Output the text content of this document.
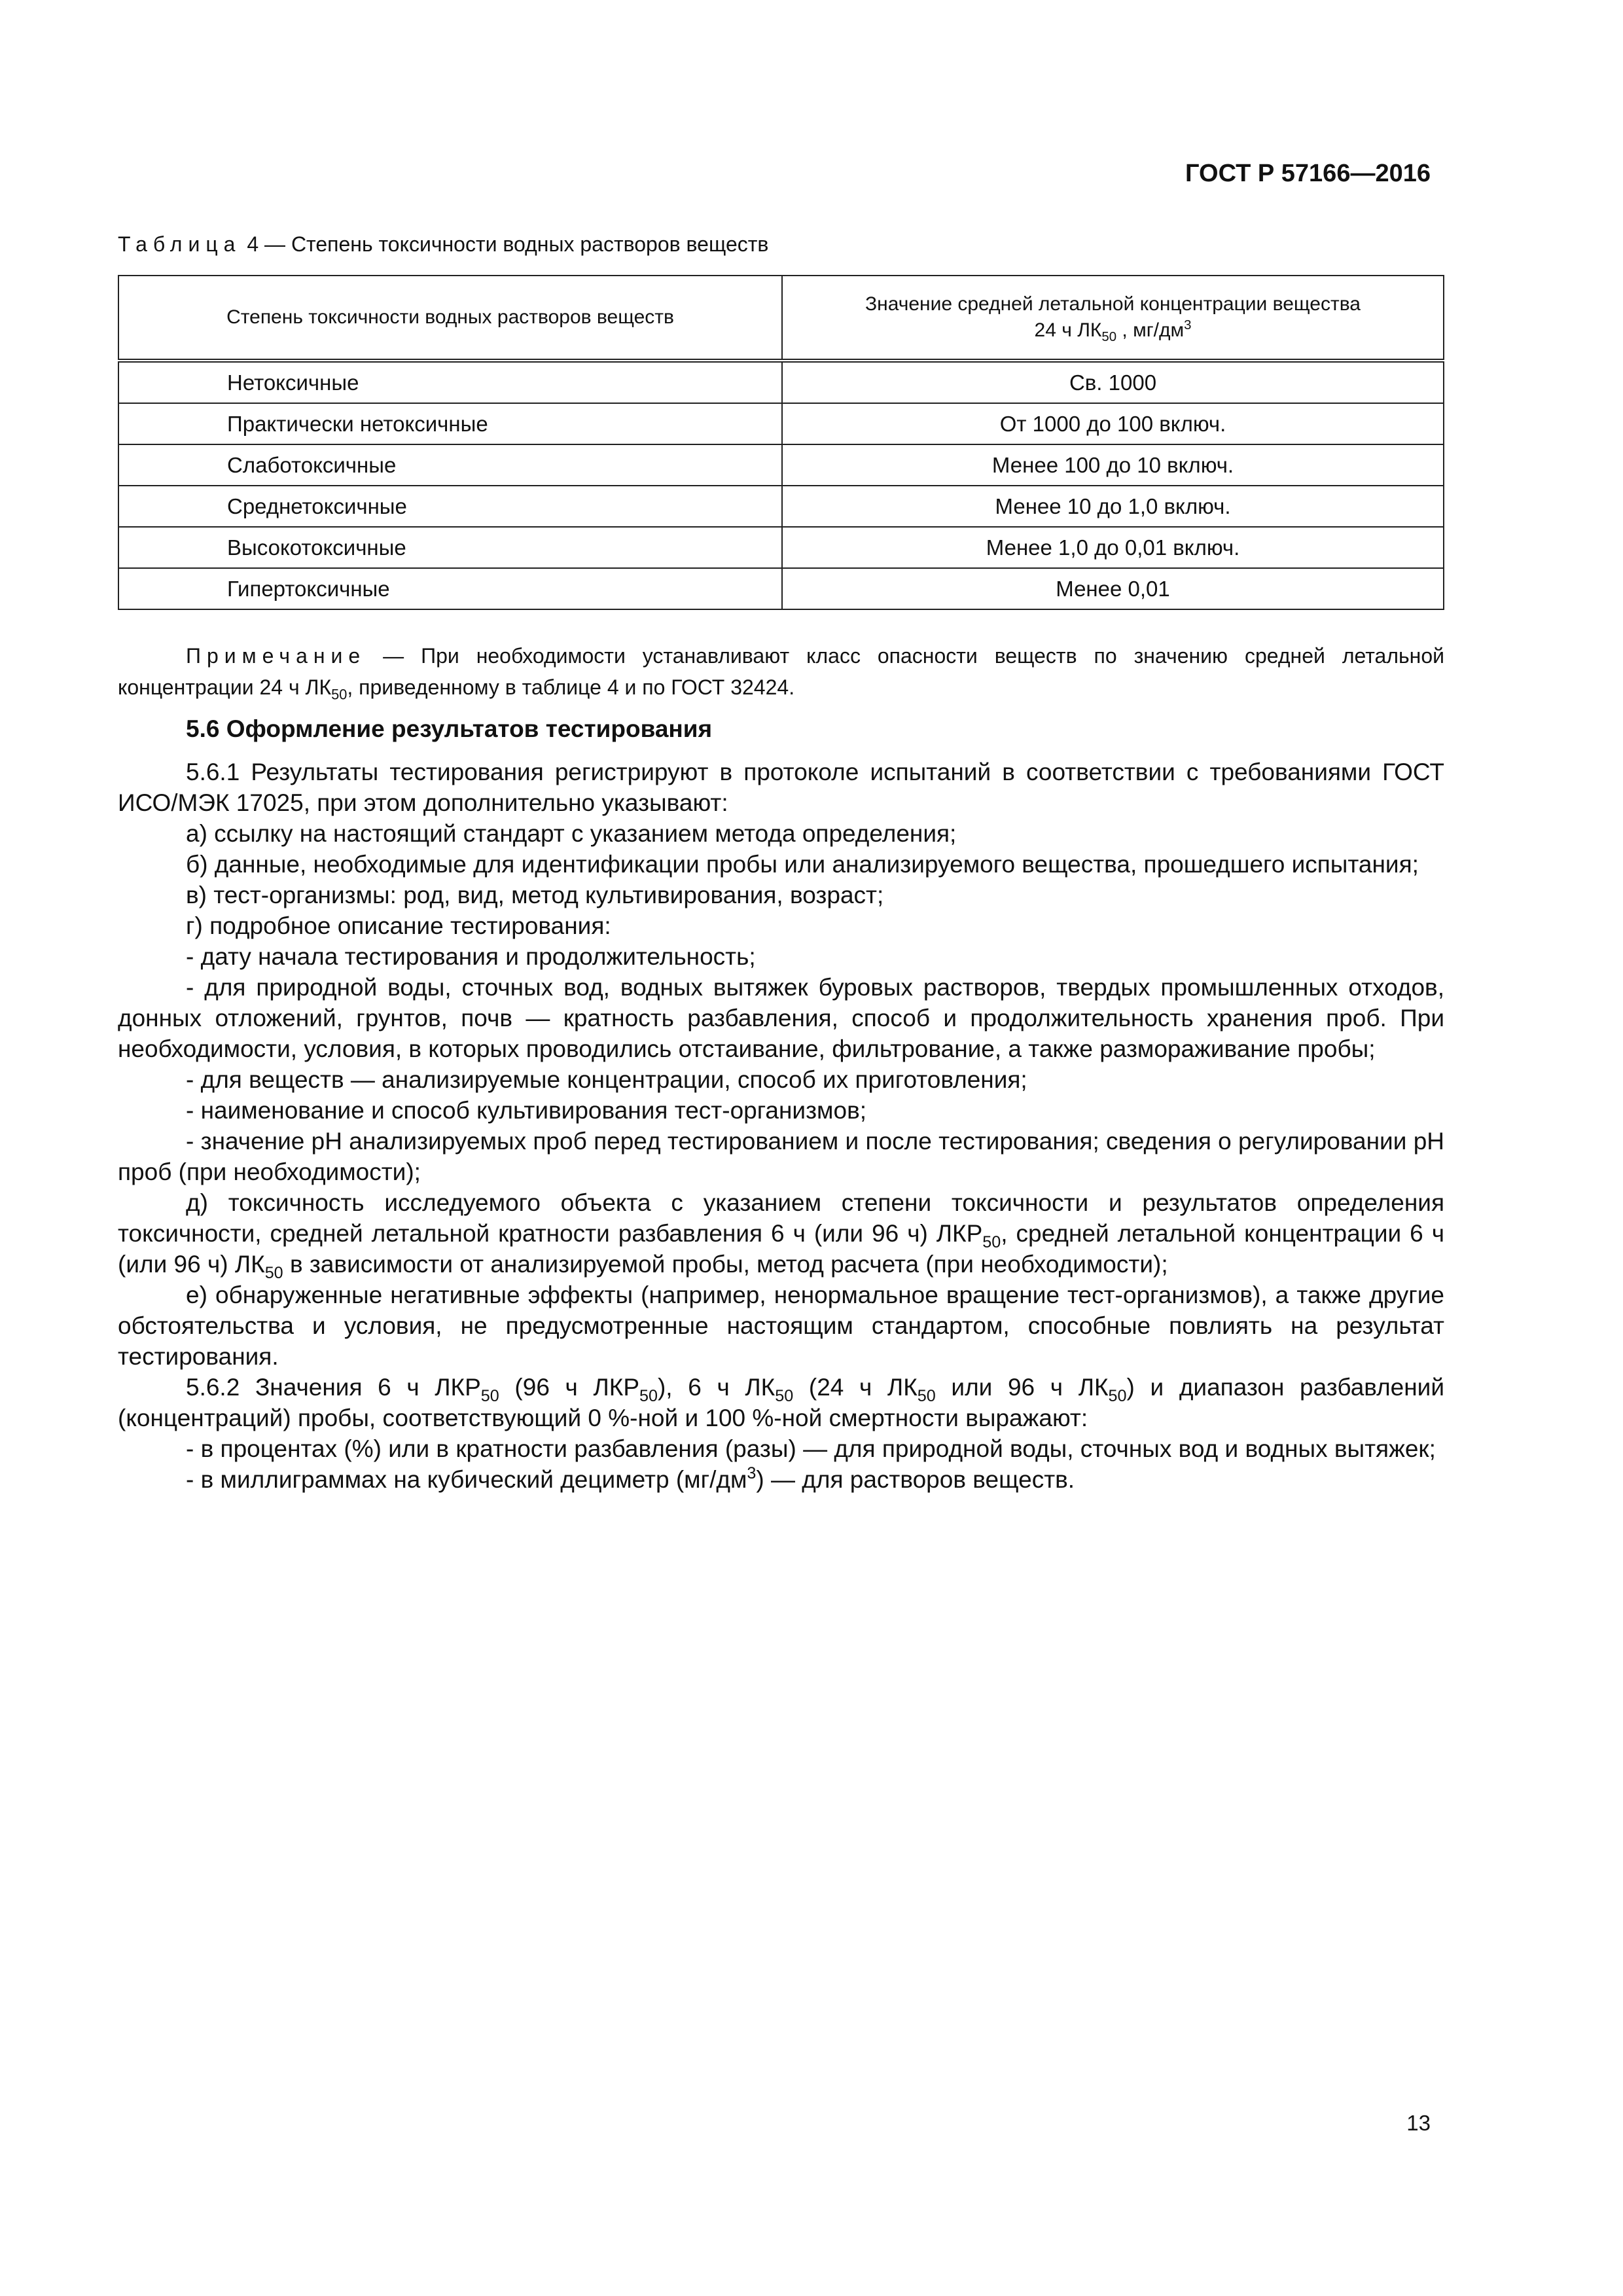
ГОСТ Р 57166—2016
Таблица 4 — Степень токсичности водных растворов веществ
Степень токсичности водных растворов веществ	Значение средней летальной концентрации вещества
24 ч $ЛК_{50}$ , $мг/дм^3$
Нетоксичные	Св. 1000
Практически нетоксичные	От 1000 до 100 включ.
Слаботоксичные	Менее 100 до 10 включ.
Среднетоксичные	Менее 10 до 1,0 включ.
Высокотоксичные	Менее 1,0 до 0,01 включ.
Гипертоксичные	Менее 0,01
Примечание — При необходимости устанавливают класс опасности веществ по значению средней летальной концентрации 24 ч $ЛК_{50}$, приведенному в таблице 4 и по ГОСТ 32424.
5.6 Оформление результатов тестирования

5.6.1 Результаты тестирования регистрируют в протоколе испытаний в соответствии с требованиями ГОСТ ИСО/МЭК 17025, при этом дополнительно указывают:

а) ссылку на настоящий стандарт с указанием метода определения;

б) данные, необходимые для идентификации пробы или анализируемого вещества, прошедшего испытания;

в) тест-организмы: род, вид, метод культивирования, возраст;

г) подробное описание тестирования:

- дату начала тестирования и продолжительность;

- для природной воды, сточных вод, водных вытяжек буровых растворов, твердых промышленных отходов, донных отложений, грунтов, почв — кратность разбавления, способ и продолжительность хранения проб. При необходимости, условия, в которых проводились отстаивание, фильтрование, а также размораживание пробы;

- для веществ — анализируемые концентрации, способ их приготовления;

- наименование и способ культивирования тест-организмов;

- значение pH анализируемых проб перед тестированием и после тестирования; сведения о регулировании pH проб (при необходимости);

д) токсичность исследуемого объекта с указанием степени токсичности и результатов определения токсичности, средней летальной кратности разбавления 6 ч (или 96 ч) $ЛКР_{50}$, средней летальной концентрации 6 ч (или 96 ч) $ЛК_{50}$ в зависимости от анализируемой пробы, метод расчета (при необходимости);

е) обнаруженные негативные эффекты (например, ненормальное вращение тест-организмов), а также другие обстоятельства и условия, не предусмотренные настоящим стандартом, способные повлиять на результат тестирования.

5.6.2 Значения 6 ч $ЛКР_{50}$ (96 ч $ЛКР_{50}$), 6 ч $ЛК_{50}$ (24 ч $ЛК_{50}$ или 96 ч $ЛК_{50}$) и диапазон разбавлений (концентраций) пробы, соответствующий 0 %-ной и 100 %-ной смертности выражают:

- в процентах (%) или в кратности разбавления (разы) — для природной воды, сточных вод и водных вытяжек;

- в миллиграммах на кубический дециметр $(мг/дм^3)$ — для растворов веществ.

13
